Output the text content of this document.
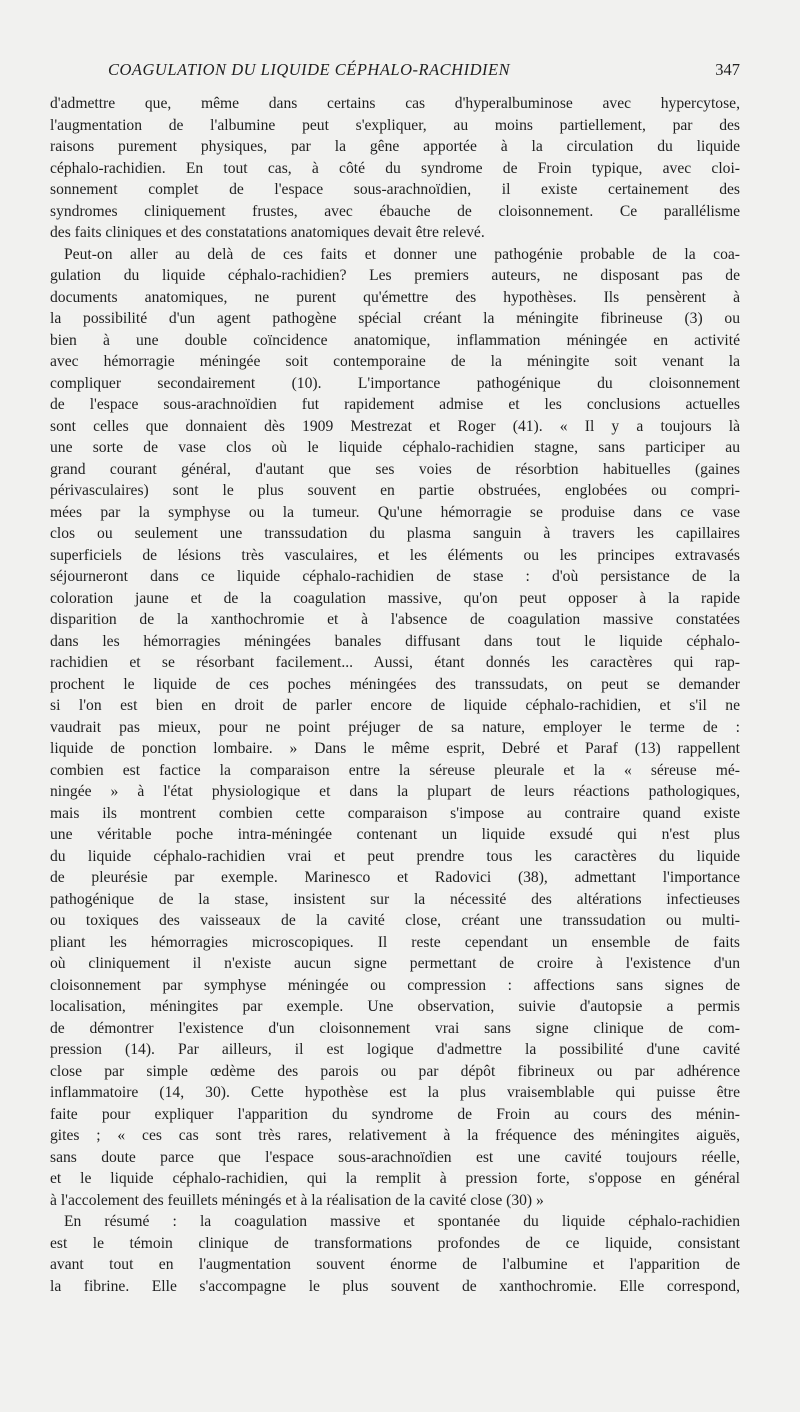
COAGULATION DU LIQUIDE CÉPHALO-RACHIDIEN	347
d'admettre que, même dans certains cas d'hyperalbuminose avec hypercytose,
l'augmentation de l'albumine peut s'expliquer, au moins partiellement, par des
raisons purement physiques, par la gêne apportée à la circulation du liquide
céphalo-rachidien. En tout cas, à côté du syndrome de Froin typique, avec cloi-
sonnement complet de l'espace sous-arachnoïdien, il existe certainement des
syndromes cliniquement frustes, avec ébauche de cloisonnement. Ce parallélisme
des faits cliniques et des constatations anatomiques devait être relevé.
Peut-on aller au delà de ces faits et donner une pathogénie probable de la coa-
gulation du liquide céphalo-rachidien? Les premiers auteurs, ne disposant pas de
documents anatomiques, ne purent qu'émettre des hypothèses. Ils pensèrent à
la possibilité d'un agent pathogène spécial créant la méningite fibrineuse (3) ou
bien à une double coïncidence anatomique, inflammation méningée en activité
avec hémorragie méningée soit contemporaine de la méningite soit venant la
compliquer secondairement (10). L'importance pathogénique du cloisonnement
de l'espace sous-arachnoïdien fut rapidement admise et les conclusions actuelles
sont celles que donnaient dès 1909 Mestrezat et Roger (41). « Il y a toujours là
une sorte de vase clos où le liquide céphalo-rachidien stagne, sans participer au
grand courant général, d'autant que ses voies de résorbtion habituelles (gaines
périvasculaires) sont le plus souvent en partie obstruées, englobées ou compri-
mées par la symphyse ou la tumeur. Qu'une hémorragie se produise dans ce vase
clos ou seulement une transsudation du plasma sanguin à travers les capillaires
superficiels de lésions très vasculaires, et les éléments ou les principes extravasés
séjourneront dans ce liquide céphalo-rachidien de stase : d'où persistance de la
coloration jaune et de la coagulation massive, qu'on peut opposer à la rapide
disparition de la xanthochromie et à l'absence de coagulation massive constatées
dans les hémorragies méningées banales diffusant dans tout le liquide céphalo-
rachidien et se résorbant facilement... Aussi, étant donnés les caractères qui rap-
prochent le liquide de ces poches méningées des transsudats, on peut se demander
si l'on est bien en droit de parler encore de liquide céphalo-rachidien, et s'il ne
vaudrait pas mieux, pour ne point préjuger de sa nature, employer le terme de :
liquide de ponction lombaire. » Dans le même esprit, Debré et Paraf (13) rappellent
combien est factice la comparaison entre la séreuse pleurale et la « séreuse mé-
ningée » à l'état physiologique et dans la plupart de leurs réactions pathologiques,
mais ils montrent combien cette comparaison s'impose au contraire quand existe
une véritable poche intra-méningée contenant un liquide exsudé qui n'est plus
du liquide céphalo-rachidien vrai et peut prendre tous les caractères du liquide
de pleurésie par exemple. Marinesco et Radovici (38), admettant l'importance
pathogénique de la stase, insistent sur la nécessité des altérations infectieuses
ou toxiques des vaisseaux de la cavité close, créant une transsudation ou multi-
pliant les hémorragies microscopiques. Il reste cependant un ensemble de faits
où cliniquement il n'existe aucun signe permettant de croire à l'existence d'un
cloisonnement par symphyse méningée ou compression : affections sans signes de
localisation, méningites par exemple. Une observation, suivie d'autopsie a permis
de démontrer l'existence d'un cloisonnement vrai sans signe clinique de com-
pression (14). Par ailleurs, il est logique d'admettre la possibilité d'une cavité
close par simple œdème des parois ou par dépôt fibrineux ou par adhérence
inflammatoire (14, 30). Cette hypothèse est la plus vraisemblable qui puisse être
faite pour expliquer l'apparition du syndrome de Froin au cours des ménin-
gites ; « ces cas sont très rares, relativement à la fréquence des méningites aiguës,
sans doute parce que l'espace sous-arachnoïdien est une cavité toujours réelle,
et le liquide céphalo-rachidien, qui la remplit à pression forte, s'oppose en général
à l'accolement des feuillets méningés et à la réalisation de la cavité close (30) »
En résumé : la coagulation massive et spontanée du liquide céphalo-rachidien
est le témoin clinique de transformations profondes de ce liquide, consistant
avant tout en l'augmentation souvent énorme de l'albumine et l'apparition de
la fibrine. Elle s'accompagne le plus souvent de xanthochromie. Elle correspond,
